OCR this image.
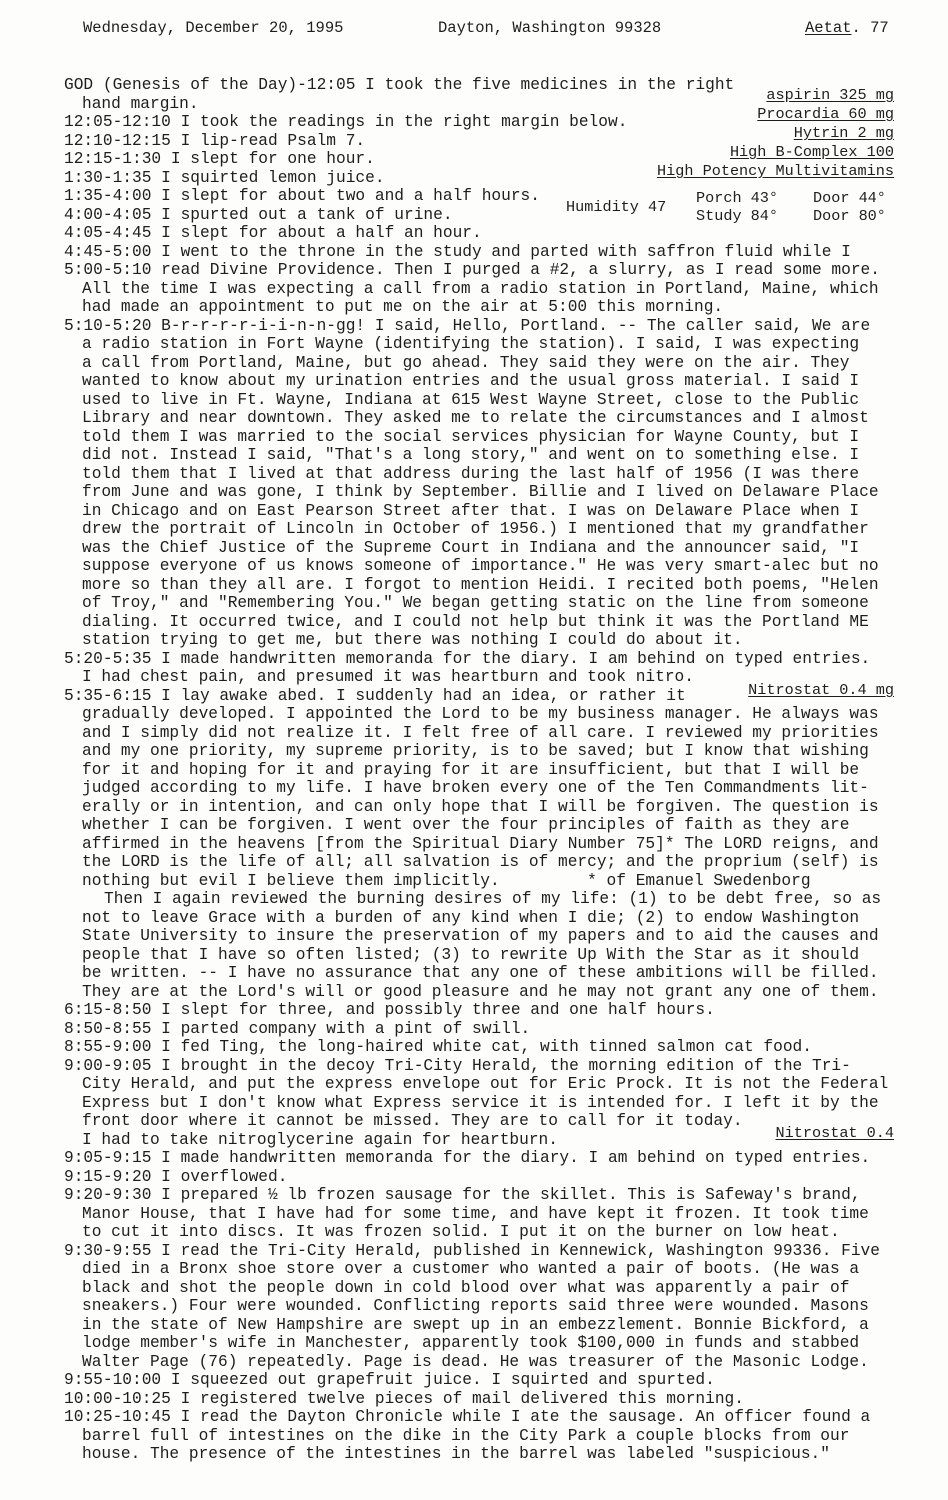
Wednesday, December 20, 1995	Dayton, Washington 99328	Aetat. 77
aspirin 325 mg
Procardia 60 mg
Hytrin 2 mg
High B-Complex 100
High Potency Multivitamins
Humidity 47 Porch 43° Door 44°
Study 84° Door 80°
Nitrostat 0.4 mg
Nitrostat 0.4
GOD (Genesis of the Day)-12:05 I took the five medicines in the right
hand margin.
12:05-12:10 I took the readings in the right margin below.
12:10-12:15 I lip-read Psalm 7.
12:15-1:30 I slept for one hour.
1:30-1:35 I squirted lemon juice.
1:35-4:00 I slept for about two and a half hours.
4:00-4:05 I spurted out a tank of urine.
4:05-4:45 I slept for about a half an hour.
4:45-5:00 I went to the throne in the study and parted with saffron fluid while I
5:00-5:10 read Divine Providence. Then I purged a #2, a slurry, as I read some more.
All the time I was expecting a call from a radio station in Portland, Maine, which
had made an appointment to put me on the air at 5:00 this morning.
5:10-5:20 B-r-r-r-r-i-i-n-n-gg! I said, Hello, Portland. -- The caller said, We are
a radio station in Fort Wayne (identifying the station). I said, I was expecting
a call from Portland, Maine, but go ahead. They said they were on the air. They
wanted to know about my urination entries and the usual gross material. I said I
used to live in Ft. Wayne, Indiana at 615 West Wayne Street, close to the Public
Library and near downtown. They asked me to relate the circumstances and I almost
told them I was married to the social services physician for Wayne County, but I
did not. Instead I said, "That's a long story," and went on to something else. I
told them that I lived at that address during the last half of 1956 (I was there
from June and was gone, I think by September. Billie and I lived on Delaware Place
in Chicago and on East Pearson Street after that. I was on Delaware Place when I
drew the portrait of Lincoln in October of 1956.) I mentioned that my grandfather
was the Chief Justice of the Supreme Court in Indiana and the announcer said, "I
suppose everyone of us knows someone of importance." He was very smart-alec but no
more so than they all are. I forgot to mention Heidi. I recited both poems, "Helen
of Troy," and "Remembering You." We began getting static on the line from someone
dialing. It occurred twice, and I could not help but think it was the Portland ME
station trying to get me, but there was nothing I could do about it.
5:20-5:35 I made handwritten memoranda for the diary. I am behind on typed entries.
I had chest pain, and presumed it was heartburn and took nitro.
5:35-6:15 I lay awake abed. I suddenly had an idea, or rather it
gradually developed. I appointed the Lord to be my business manager. He always was
and I simply did not realize it. I felt free of all care. I reviewed my priorities
and my one priority, my supreme priority, is to be saved; but I know that wishing
for it and hoping for it and praying for it are insufficient, but that I will be
judged according to my life. I have broken every one of the Ten Commandments lit-
erally or in intention, and can only hope that I will be forgiven. The question is
whether I can be forgiven. I went over the four principles of faith as they are
affirmed in the heavens [from the Spiritual Diary Number 75]* The LORD reigns, and
the LORD is the life of all; all salvation is of mercy; and the proprium (self) is
nothing but evil I believe them implicitly.         * of Emanuel Swedenborg
Then I again reviewed the burning desires of my life: (1) to be debt free, so as
not to leave Grace with a burden of any kind when I die; (2) to endow Washington
State University to insure the preservation of my papers and to aid the causes and
people that I have so often listed; (3) to rewrite Up With the Star as it should
be written. -- I have no assurance that any one of these ambitions will be filled.
They are at the Lord's will or good pleasure and he may not grant any one of them.
6:15-8:50 I slept for three, and possibly three and one half hours.
8:50-8:55 I parted company with a pint of swill.
8:55-9:00 I fed Ting, the long-haired white cat, with tinned salmon cat food.
9:00-9:05 I brought in the decoy Tri-City Herald, the morning edition of the Tri-
City Herald, and put the express envelope out for Eric Prock. It is not the Federal
Express but I don't know what Express service it is intended for. I left it by the
front door where it cannot be missed. They are to call for it today.
I had to take nitroglycerine again for heartburn.
9:05-9:15 I made handwritten memoranda for the diary. I am behind on typed entries.
9:15-9:20 I overflowed.
9:20-9:30 I prepared ½ lb frozen sausage for the skillet. This is Safeway's brand,
Manor House, that I have had for some time, and have kept it frozen. It took time
to cut it into discs. It was frozen solid. I put it on the burner on low heat.
9:30-9:55 I read the Tri-City Herald, published in Kennewick, Washington 99336. Five
died in a Bronx shoe store over a customer who wanted a pair of boots. (He was a
black and shot the people down in cold blood over what was apparently a pair of
sneakers.) Four were wounded. Conflicting reports said three were wounded. Masons
in the state of New Hampshire are swept up in an embezzlement. Bonnie Bickford, a
lodge member's wife in Manchester, apparently took $100,000 in funds and stabbed
Walter Page (76) repeatedly. Page is dead. He was treasurer of the Masonic Lodge.
9:55-10:00 I squeezed out grapefruit juice. I squirted and spurted.
10:00-10:25 I registered twelve pieces of mail delivered this morning.
10:25-10:45 I read the Dayton Chronicle while I ate the sausage. An officer found a
barrel full of intestines on the dike in the City Park a couple blocks from our
house. The presence of the intestines in the barrel was labeled "suspicious."
